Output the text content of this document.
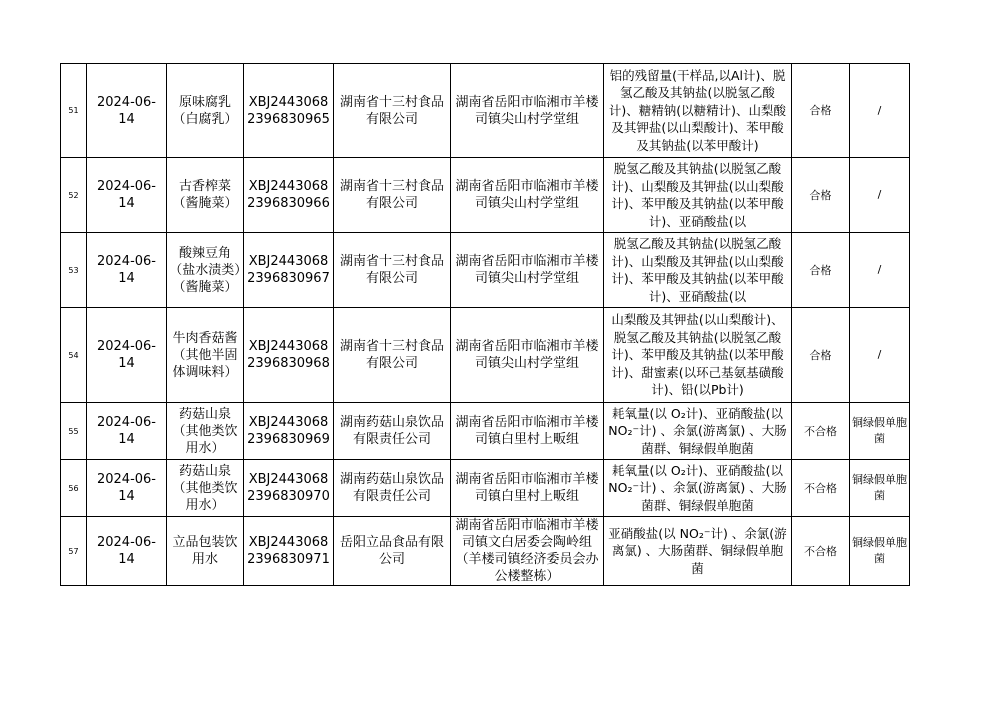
51	2024-06-14	原味腐乳（白腐乳）	XBJ24430682396830965	湖南省十三村食品有限公司	湖南省岳阳市临湘市羊楼司镇尖山村学堂组	铝的残留量(干样品,以Al计)、脱氢乙酸及其钠盐(以脱氢乙酸计)、糖精钠(以糖精计)、山梨酸及其钾盐(以山梨酸计)、苯甲酸及其钠盐(以苯甲酸计)	合格	/
52	2024-06-14	古香榨菜（酱腌菜）	XBJ24430682396830966	湖南省十三村食品有限公司	湖南省岳阳市临湘市羊楼司镇尖山村学堂组	脱氢乙酸及其钠盐(以脱氢乙酸计)、山梨酸及其钾盐(以山梨酸计)、苯甲酸及其钠盐(以苯甲酸计)、亚硝酸盐(以	合格	/
53	2024-06-14	酸辣豆角（盐水渍类）（酱腌菜）	XBJ24430682396830967	湖南省十三村食品有限公司	湖南省岳阳市临湘市羊楼司镇尖山村学堂组	脱氢乙酸及其钠盐(以脱氢乙酸计)、山梨酸及其钾盐(以山梨酸计)、苯甲酸及其钠盐(以苯甲酸计)、亚硝酸盐(以	合格	/
54	2024-06-14	牛肉香菇酱（其他半固体调味料）	XBJ24430682396830968	湖南省十三村食品有限公司	湖南省岳阳市临湘市羊楼司镇尖山村学堂组	山梨酸及其钾盐(以山梨酸计)、脱氢乙酸及其钠盐(以脱氢乙酸计)、苯甲酸及其钠盐(以苯甲酸计)、甜蜜素(以环己基氨基磺酸计)、铅(以Pb计)	合格	/
55	2024-06-14	药菇山泉（其他类饮用水）	XBJ24430682396830969	湖南药菇山泉饮品有限责任公司	湖南省岳阳市临湘市羊楼司镇白里村上畈组	耗氧量(以 O₂计)、亚硝酸盐(以 NO₂⁻计) 、余氯(游离氯) 、大肠菌群、铜绿假单胞菌	不合格	铜绿假单胞菌
56	2024-06-14	药菇山泉（其他类饮用水）	XBJ24430682396830970	湖南药菇山泉饮品有限责任公司	湖南省岳阳市临湘市羊楼司镇白里村上畈组	耗氧量(以 O₂计)、亚硝酸盐(以 NO₂⁻计) 、余氯(游离氯) 、大肠菌群、铜绿假单胞菌	不合格	铜绿假单胞菌
57	2024-06-14	立品包装饮用水	XBJ24430682396830971	岳阳立品食品有限公司	湖南省岳阳市临湘市羊楼司镇文白居委会陶岭组（羊楼司镇经济委员会办公楼整栋）	亚硝酸盐(以 NO₂⁻计) 、余氯(游离氯) 、大肠菌群、铜绿假单胞菌	不合格	铜绿假单胞菌
